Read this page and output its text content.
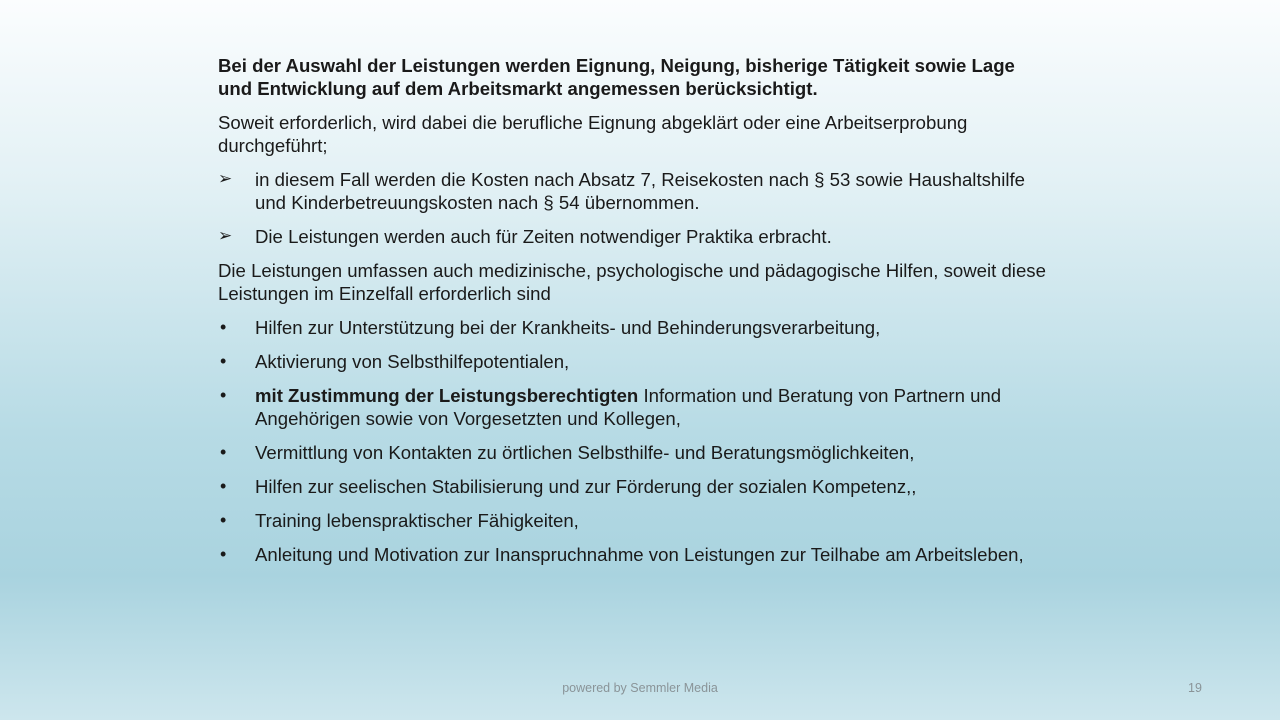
Bei der Auswahl der Leistungen werden Eignung, Neigung, bisherige Tätigkeit sowie Lage und Entwicklung auf dem Arbeitsmarkt angemessen berücksichtigt.

Soweit erforderlich, wird dabei die berufliche Eignung abgeklärt oder eine Arbeitserprobung durchgeführt;

➢	in diesem Fall werden die Kosten nach Absatz 7, Reisekosten nach § 53 sowie Haushaltshilfe und Kinderbetreuungskosten nach § 54 übernommen.
➢	Die Leistungen werden auch für Zeiten notwendiger Praktika erbracht.

Die Leistungen umfassen auch medizinische, psychologische und pädagogische Hilfen, soweit diese Leistungen im Einzelfall erforderlich sind

•	Hilfen zur Unterstützung bei der Krankheits- und Behinderungsverarbeitung,
•	Aktivierung von Selbsthilfepotentialen,
•	mit Zustimmung der Leistungsberechtigten Information und Beratung von Partnern und Angehörigen sowie von Vorgesetzten und Kollegen,
•	Vermittlung von Kontakten zu örtlichen Selbsthilfe- und Beratungsmöglichkeiten,
•	Hilfen zur seelischen Stabilisierung und zur Förderung der sozialen Kompetenz,,
•	Training lebenspraktischer Fähigkeiten,
•	Anleitung und Motivation zur Inanspruchnahme von Leistungen zur Teilhabe am Arbeitsleben,
powered by Semmler Media	19
